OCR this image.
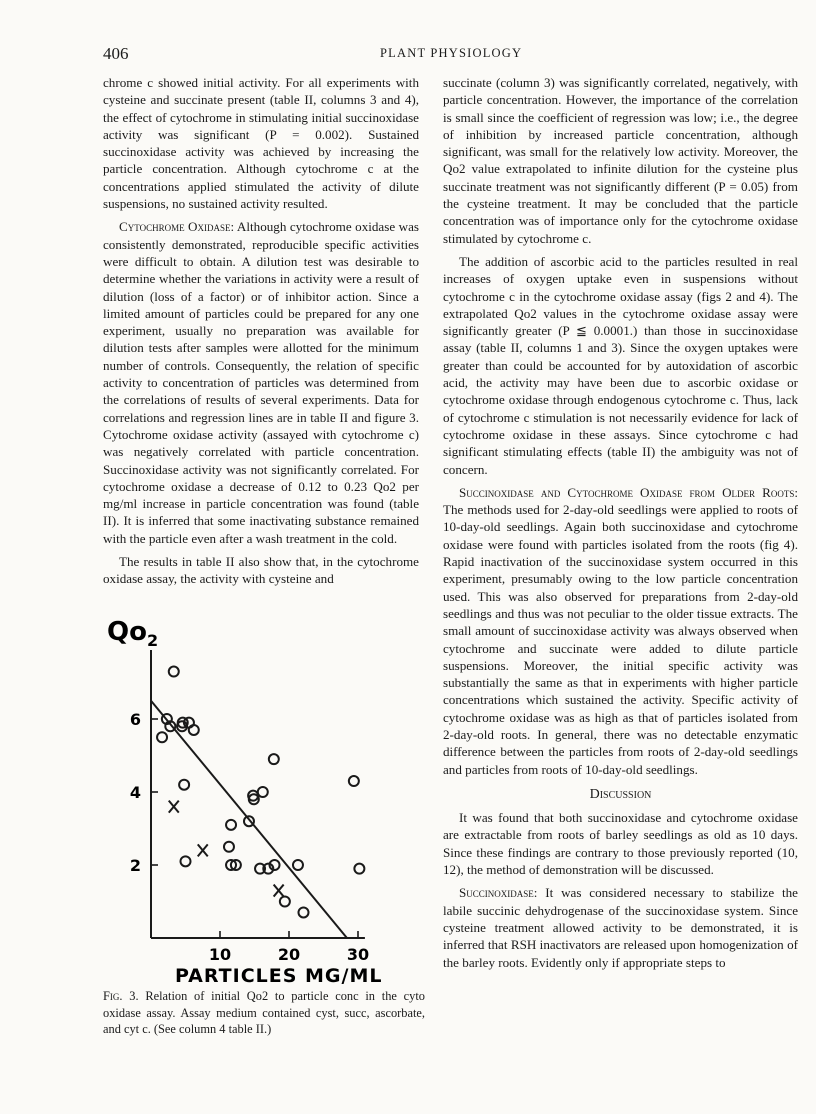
406	PLANT PHYSIOLOGY

chrome c showed initial activity. For all experiments with cysteine and succinate present (table II, columns 3 and 4), the effect of cytochrome in stimulating initial succinoxidase activity was significant (P = 0.002). Sustained succinoxidase activity was achieved by increasing the particle concentration. Although cytochrome c at the concentrations applied stimulated the activity of dilute suspensions, no sustained activity resulted.

Cytochrome Oxidase: Although cytochrome oxidase was consistently demonstrated, reproducible specific activities were difficult to obtain. A dilution test was desirable to determine whether the variations in activity were a result of dilution (loss of a factor) or of inhibitor action. Since a limited amount of particles could be prepared for any one experiment, usually no preparation was available for dilution tests after samples were allotted for the minimum number of controls. Consequently, the relation of specific activity to concentration of particles was determined from the correlations of results of several experiments. Data for correlations and regression lines are in table II and figure 3. Cytochrome oxidase activity (assayed with cytochrome c) was negatively correlated with particle concentration. Succinoxidase activity was not significantly correlated. For cytochrome oxidase a decrease of 0.12 to 0.23 Qo2 per mg/ml increase in particle concentration was found (table II). It is inferred that some inactivating substance remained with the particle even after a wash treatment in the cold.

The results in table II also show that, in the cytochrome oxidase assay, the activity with cysteine and

$Qo_2$
PARTICLES MG/ML
10	20	30
2
4
6
Fig. 3. Relation of initial Qo2 to particle conc in the cyto oxidase assay. Assay medium contained cyst, succ, ascorbate, and cyt c. (See column 4 table II.)

succinate (column 3) was significantly correlated, negatively, with particle concentration. However, the importance of the correlation is small since the coefficient of regression was low; i.e., the degree of inhibition by increased particle concentration, although significant, was small for the relatively low activity. Moreover, the Qo2 value extrapolated to infinite dilution for the cysteine plus succinate treatment was not significantly different (P = 0.05) from the cysteine treatment. It may be concluded that the particle concentration was of importance only for the cytochrome oxidase stimulated by cytochrome c.

The addition of ascorbic acid to the particles resulted in real increases of oxygen uptake even in suspensions without cytochrome c in the cytochrome oxidase assay (figs 2 and 4). The extrapolated Qo2 values in the cytochrome oxidase assay were significantly greater (P ≦ 0.0001.) than those in succinoxidase assay (table II, columns 1 and 3). Since the oxygen uptakes were greater than could be accounted for by autoxidation of ascorbic acid, the activity may have been due to ascorbic oxidase or cytochrome oxidase through endogenous cytochrome c. Thus, lack of cytochrome c stimulation is not necessarily evidence for lack of cytochrome oxidase in these assays. Since cytochrome c had significant stimulating effects (table II) the ambiguity was not of concern.

Succinoxidase and Cytochrome Oxidase from Older Roots: The methods used for 2-day-old seedlings were applied to roots of 10-day-old seedlings. Again both succinoxidase and cytochrome oxidase were found with particles isolated from the roots (fig 4). Rapid inactivation of the succinoxidase system occurred in this experiment, presumably owing to the low particle concentration used. This was also observed for preparations from 2-day-old seedlings and thus was not peculiar to the older tissue extracts. The small amount of succinoxidase activity was always observed when cytochrome and succinate were added to dilute particle suspensions. Moreover, the initial specific activity was substantially the same as that in experiments with higher particle concentrations which sustained the activity. Specific activity of cytochrome oxidase was as high as that of particles isolated from 2-day-old roots. In general, there was no detectable enzymatic difference between the particles from roots of 2-day-old seedlings and particles from roots of 10-day-old seedlings.

Discussion

It was found that both succinoxidase and cytochrome oxidase are extractable from roots of barley seedlings as old as 10 days. Since these findings are contrary to those previously reported (10, 12), the method of demonstration will be discussed.

Succinoxidase: It was considered necessary to stabilize the labile succinic dehydrogenase of the succinoxidase system. Since cysteine treatment allowed activity to be demonstrated, it is inferred that RSH inactivators are released upon homogenization of the barley roots. Evidently only if appropriate steps to
